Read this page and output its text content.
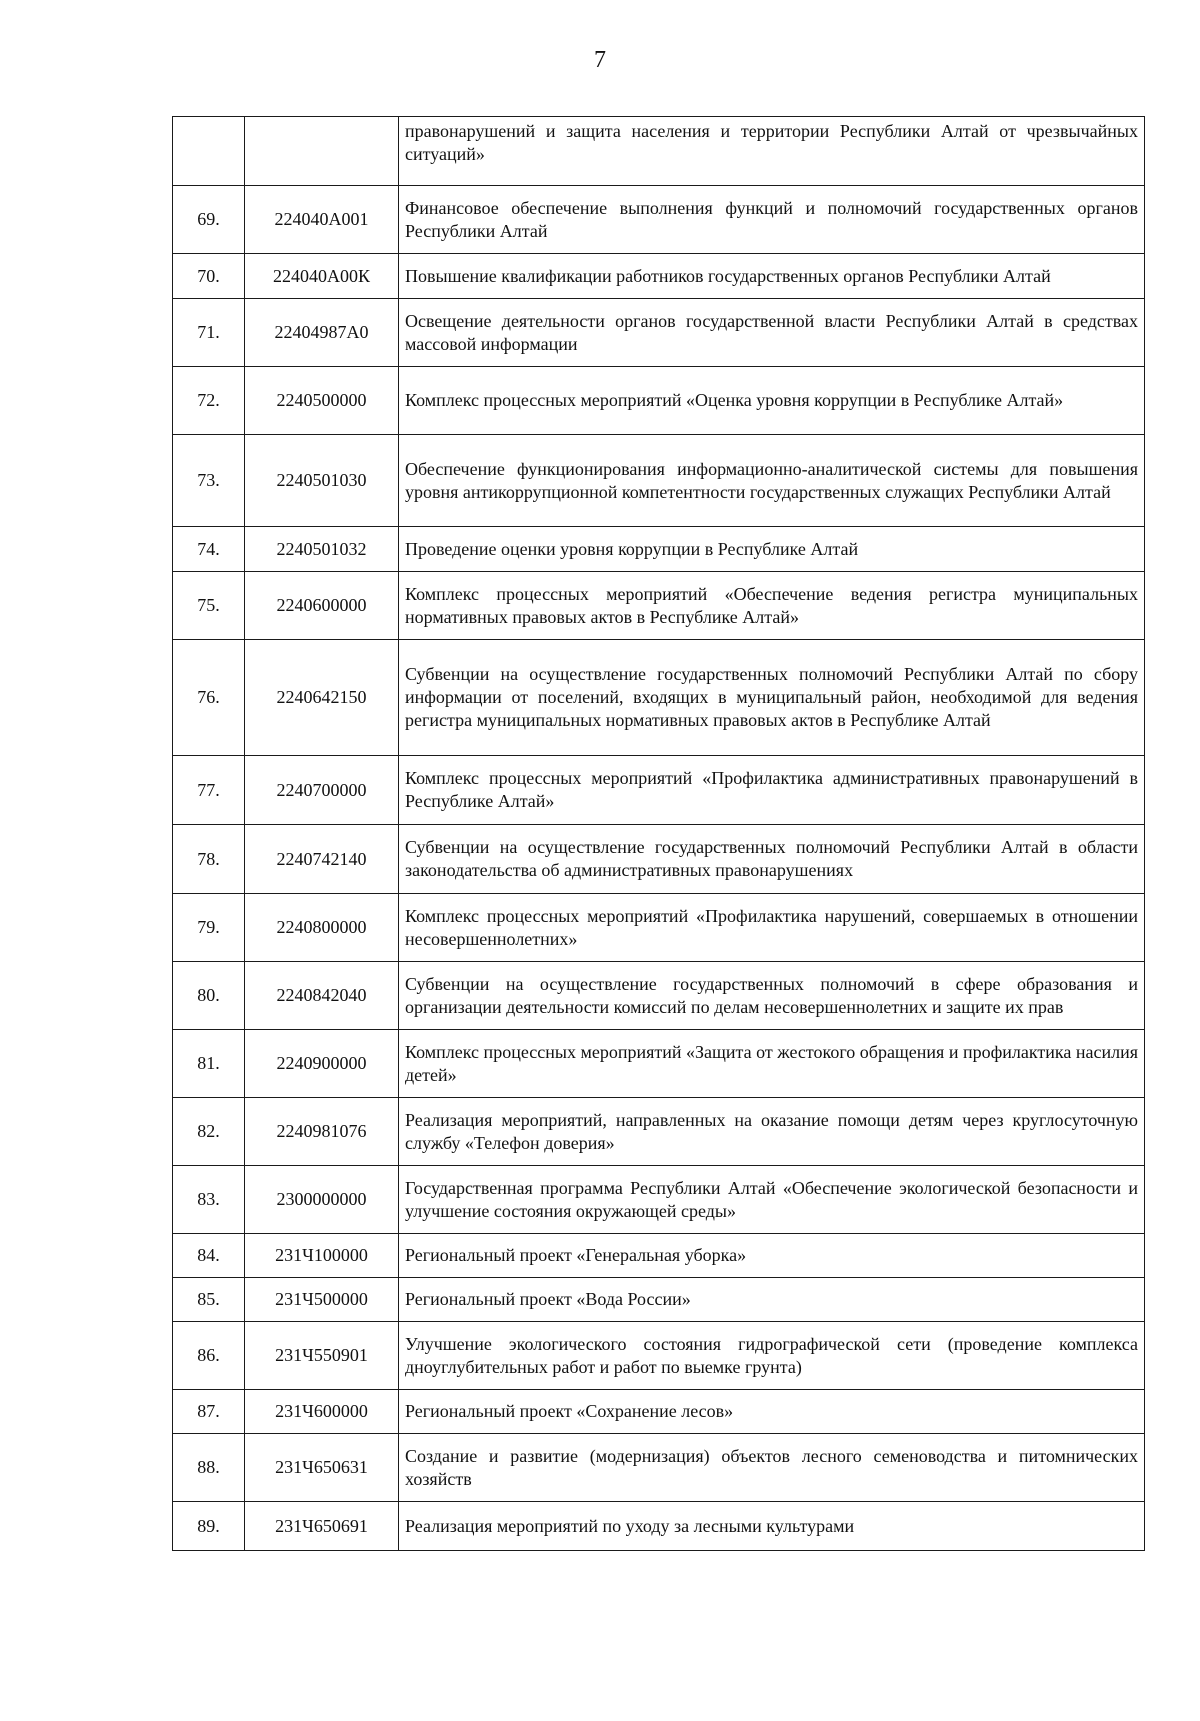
7
		правонарушений и защита населения и территории Республики Алтай от чрезвычайных ситуаций»
69.	224040А001	Финансовое обеспечение выполнения функций и полномочий государственных органов Республики Алтай
70.	224040А00К	Повышение квалификации работников государственных органов Республики Алтай
71.	22404987А0	Освещение деятельности органов государственной власти Республики Алтай в средствах массовой информации
72.	2240500000	Комплекс процессных мероприятий «Оценка уровня коррупции в Республике Алтай»
73.	2240501030	Обеспечение функционирования информационно-аналитической системы для повышения уровня антикоррупционной компетентности государственных служащих Республики Алтай
74.	2240501032	Проведение оценки уровня коррупции в Республике Алтай
75.	2240600000	Комплекс процессных мероприятий «Обеспечение ведения регистра муниципальных нормативных правовых актов в Республике Алтай»
76.	2240642150	Субвенции на осуществление государственных полномочий Республики Алтай по сбору информации от поселений, входящих в муниципальный район, необходимой для ведения регистра муниципальных нормативных правовых актов в Республике Алтай
77.	2240700000	Комплекс процессных мероприятий «Профилактика административных правонарушений в Республике Алтай»
78.	2240742140	Субвенции на осуществление государственных полномочий Республики Алтай в области законодательства об административных правонарушениях
79.	2240800000	Комплекс процессных мероприятий «Профилактика нарушений, совершаемых в отношении несовершеннолетних»
80.	2240842040	Субвенции на осуществление государственных полномочий в сфере образования и организации деятельности комиссий по делам несовершеннолетних и защите их прав
81.	2240900000	Комплекс процессных мероприятий «Защита от жестокого обращения и профилактика насилия детей»
82.	2240981076	Реализация мероприятий, направленных на оказание помощи детям через круглосуточную службу «Телефон доверия»
83.	2300000000	Государственная программа Республики Алтай «Обеспечение экологической безопасности и улучшение состояния окружающей среды»
84.	231Ч100000	Региональный проект «Генеральная уборка»
85.	231Ч500000	Региональный проект «Вода России»
86.	231Ч550901	Улучшение экологического состояния гидрографической сети (проведение комплекса дноуглубительных работ и работ по выемке грунта)
87.	231Ч600000	Региональный проект «Сохранение лесов»
88.	231Ч650631	Создание и развитие (модернизация) объектов лесного семеноводства и питомнических хозяйств
89.	231Ч650691	Реализация мероприятий по уходу за лесными культурами
